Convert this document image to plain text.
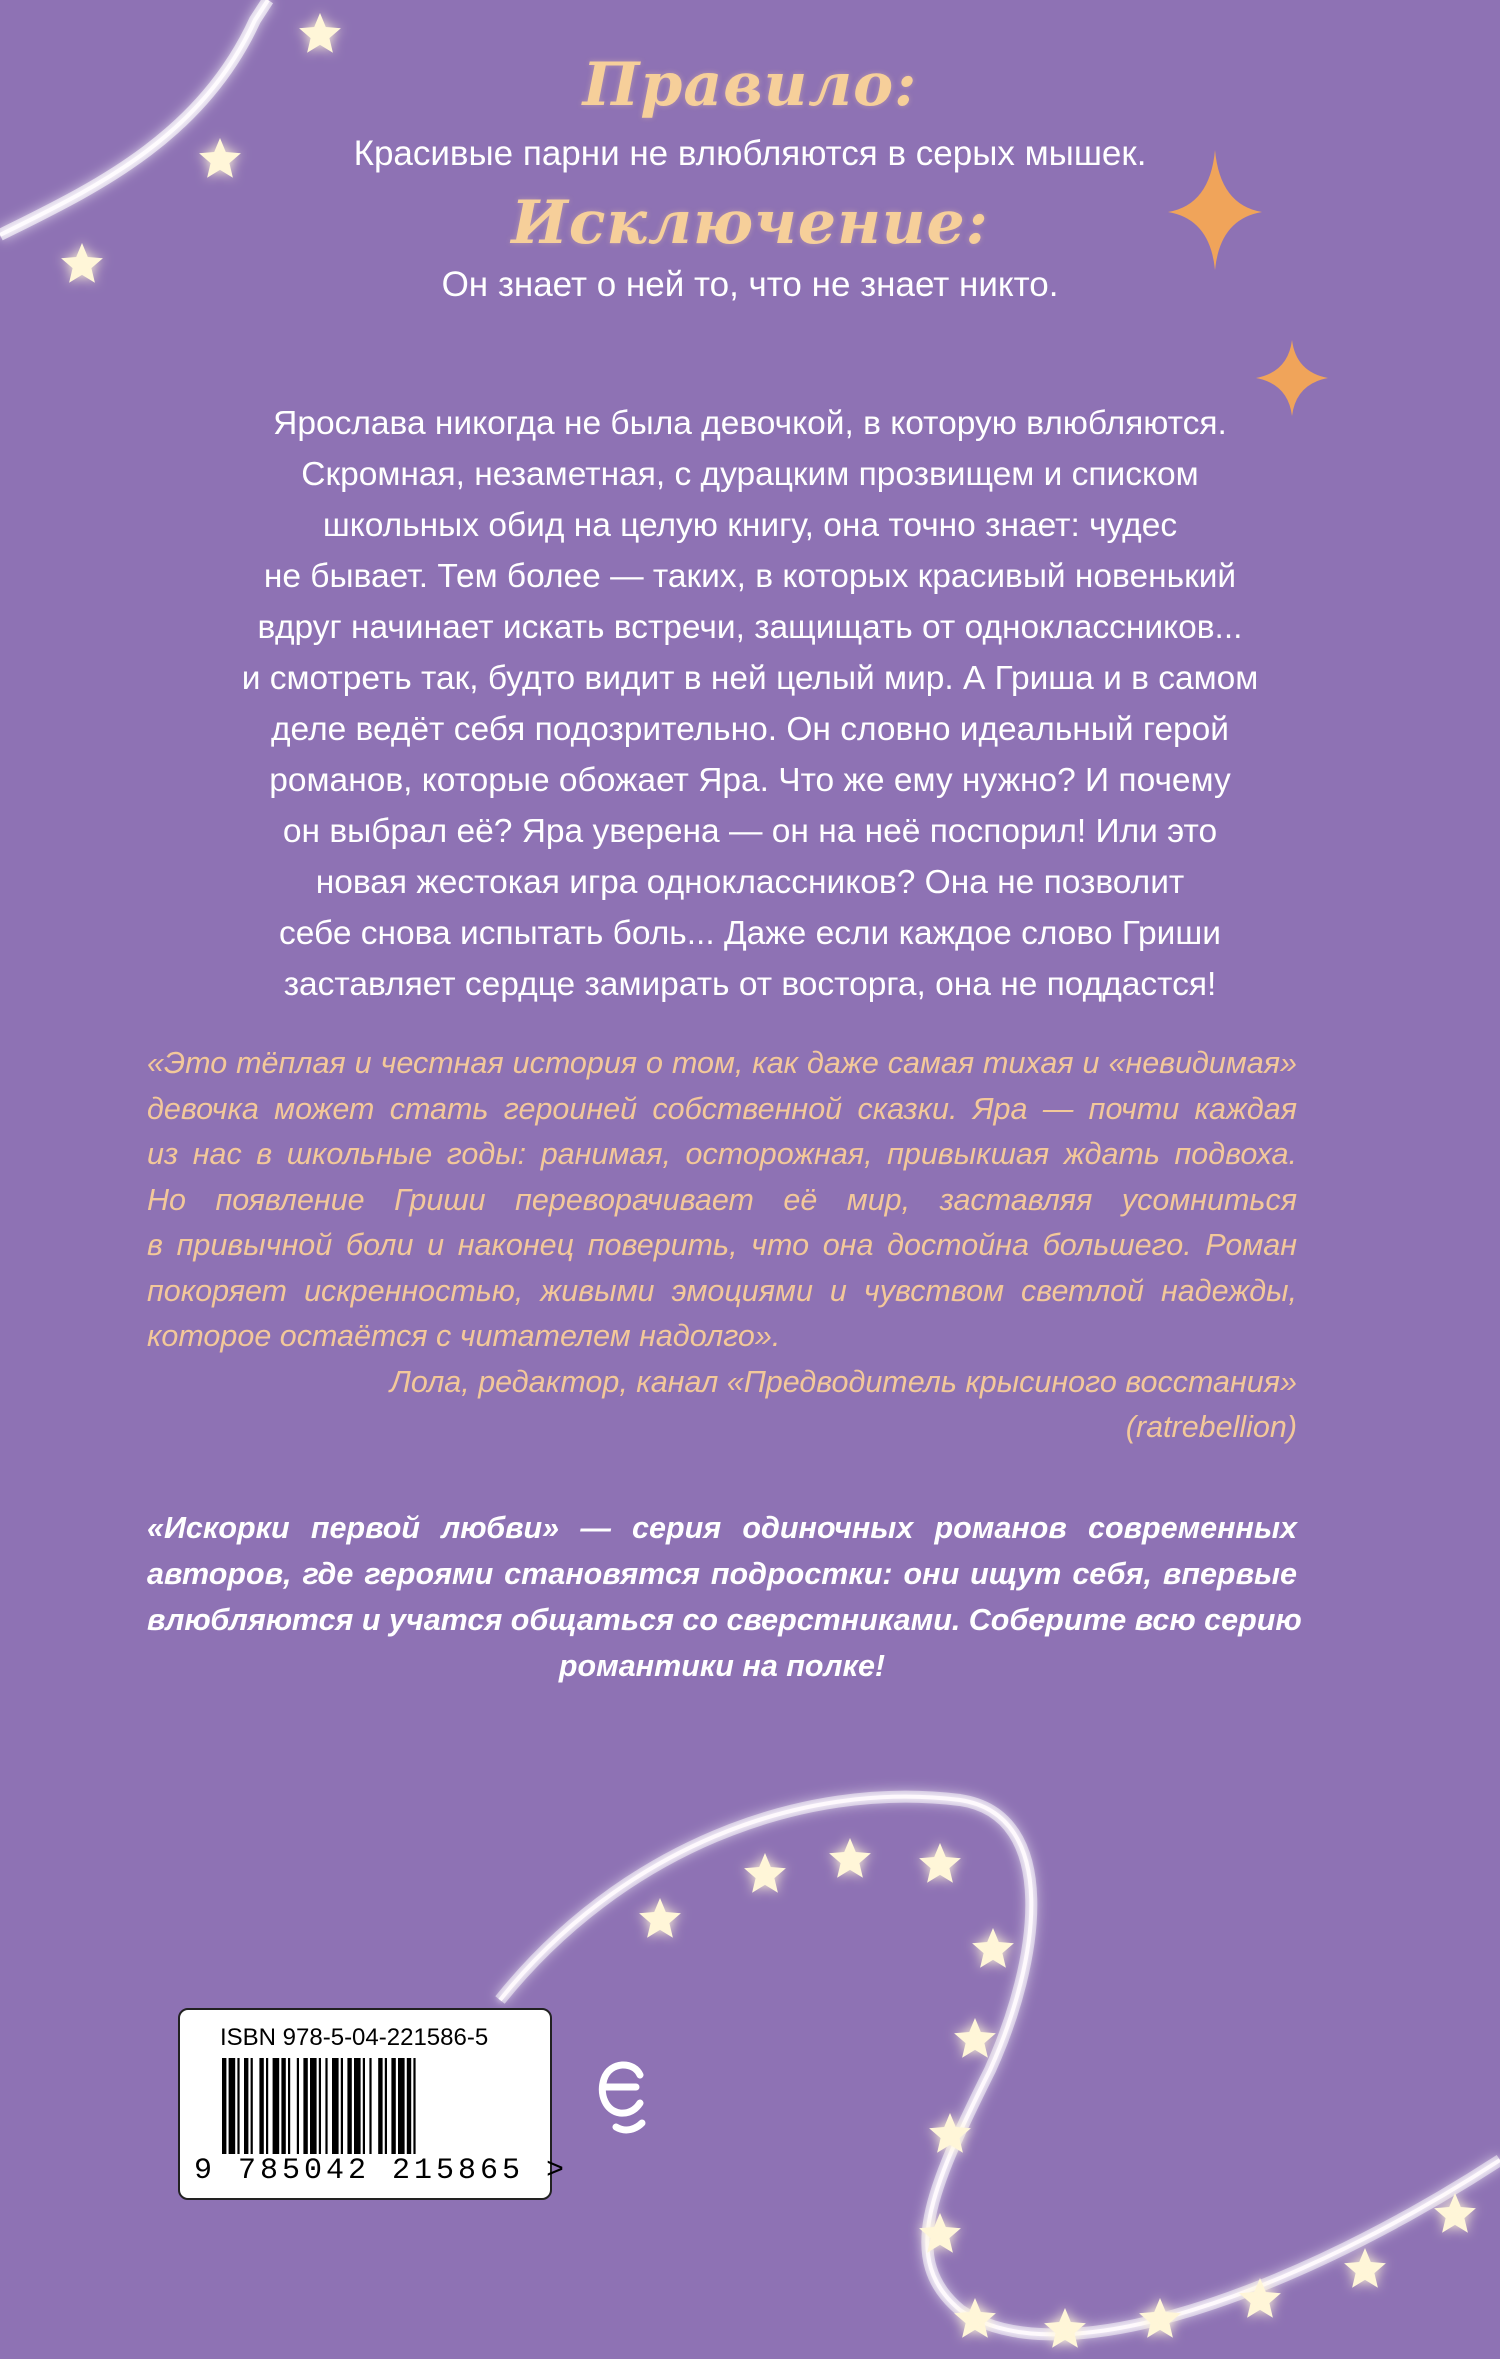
Правило:
Красивые парни не влюбляются в серых мышек.
Исключение:
Он знает о ней то, что не знает никто.
Ярослава никогда не была девочкой, в которую влюбляются.
Скромная, незаметная, с дурацким прозвищем и списком
школьных обид на целую книгу, она точно знает: чудес
не бывает. Тем более — таких, в которых красивый новенький
вдруг начинает искать встречи, защищать от одноклассников...
и смотреть так, будто видит в ней целый мир. А Гриша и в самом
деле ведёт себя подозрительно. Он словно идеальный герой
романов, которые обожает Яра. Что же ему нужно? И почему
он выбрал её? Яра уверена — он на неё поспорил! Или это
новая жестокая игра одноклассников? Она не позволит
себе снова испытать боль... Даже если каждое слово Гриши
заставляет сердце замирать от восторга, она не поддастся!
«Это тёплая и честная история о том, как даже самая тихая и «невидимая»
девочка может стать героиней собственной сказки. Яра — почти каждая
из нас в школьные годы: ранимая, осторожная, привыкшая ждать подвоха.
Но появление Гриши переворачивает её мир, заставляя усомниться
в привычной боли и наконец поверить, что она достойна большего. Роман
покоряет искренностью, живыми эмоциями и чувством светлой надежды,
которое остаётся с читателем надолго».
Лола, редактор, канал «Предводитель крысиного восстания»
(ratrebellion)
«Искорки первой любви» — серия одиночных романов современных
авторов, где героями становятся подростки: они ищут себя, впервые
влюбляются и учатся общаться со сверстниками. Соберите всю серию
романтики на полке!
ISBN 978-5-04-221586-5
9 785042 215865 >
